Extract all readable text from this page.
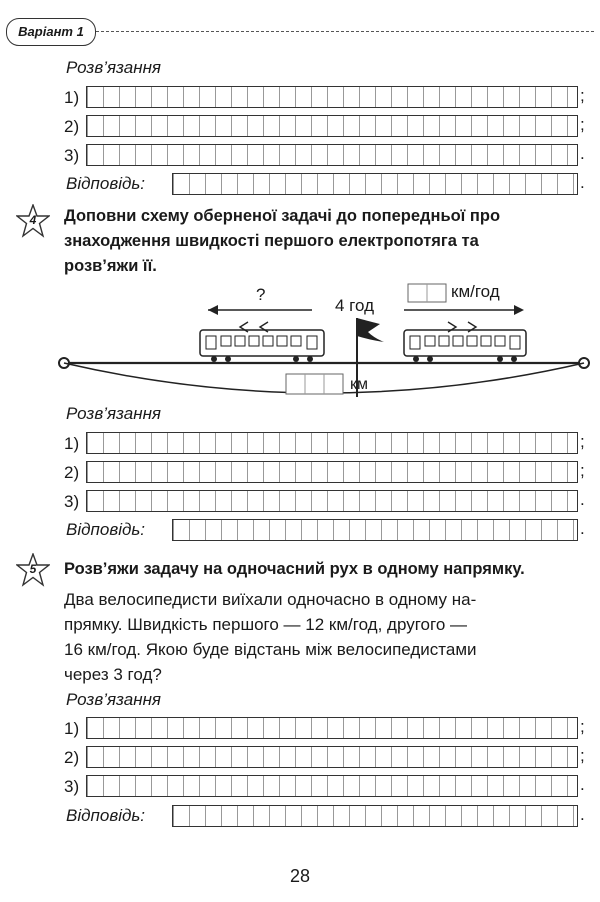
Варіант 1
Розв’язання
1)	;
2)	;
3)	.
Відповідь:	.
4	Доповни схему оберненої задачі до попередньої про
знаходження швидкості першого електропотяга та
розв’яжи її.
?
4 год
км/год
км
Розв’язання
1)	;
2)	;
3)	.
Відповідь:	.
5	Розв’яжи задачу на одночасний рух в одному напрямку.
Два велосипедисти виїхали одночасно в одному на-
прямку. Швидкість першого — 12 км/год, другого —
16 км/год. Якою буде відстань між велосипедистами
через 3 год?
Розв’язання
1)	;
2)	;
3)	.
Відповідь:	.
28
